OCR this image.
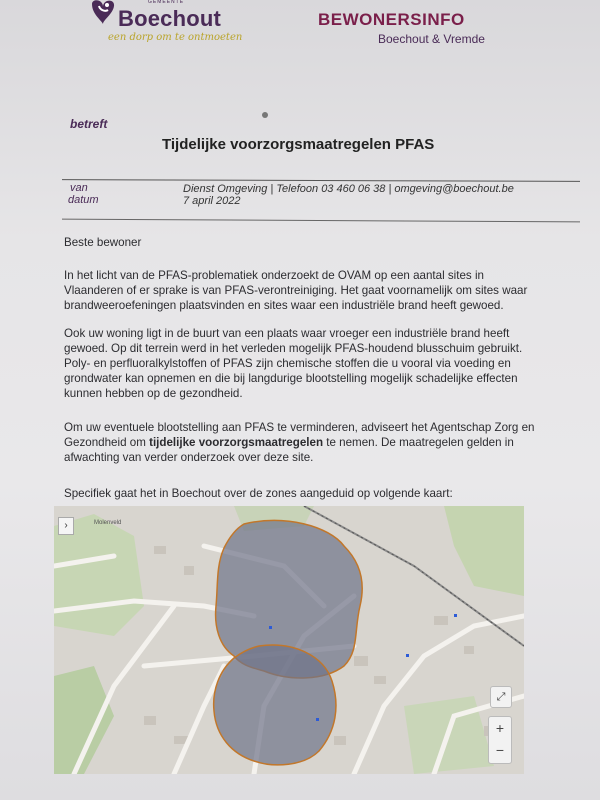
GEMEENTE
Boechout
een dorp om te ontmoeten
BEWONERSINFO
Boechout & Vremde
betreft
Tijdelijke voorzorgsmaatregelen PFAS
van
datum
Dienst Omgeving | Telefoon 03 460 06 38 | omgeving@boechout.be
7 april 2022
Beste bewoner
In het licht van de PFAS-problematiek onderzoekt de OVAM op een aantal sites in
Vlaanderen of er sprake is van PFAS-verontreiniging. Het gaat voornamelijk om sites waar
brandweeroefeningen plaatsvinden en sites waar een industriële brand heeft gewoed.
Ook uw woning ligt in de buurt van een plaats waar vroeger een industriële brand heeft
gewoed. Op dit terrein werd in het verleden mogelijk PFAS-houdend blusschuim gebruikt.
Poly- en perfluoralkylstoffen of PFAS zijn chemische stoffen die u vooral via voeding en
grondwater kan opnemen en die bij langdurige blootstelling mogelijk schadelijke effecten
kunnen hebben op de gezondheid.
Om uw eventuele blootstelling aan PFAS te verminderen, adviseert het Agentschap Zorg en
Gezondheid om tijdelijke voorzorgsmaatregelen te nemen. De maatregelen gelden in
afwachting van verder onderzoek over deze site.
Specifiek gaat het in Boechout over de zones aangeduid op volgende kaart:
Molenveld
›
⤢
+
−
